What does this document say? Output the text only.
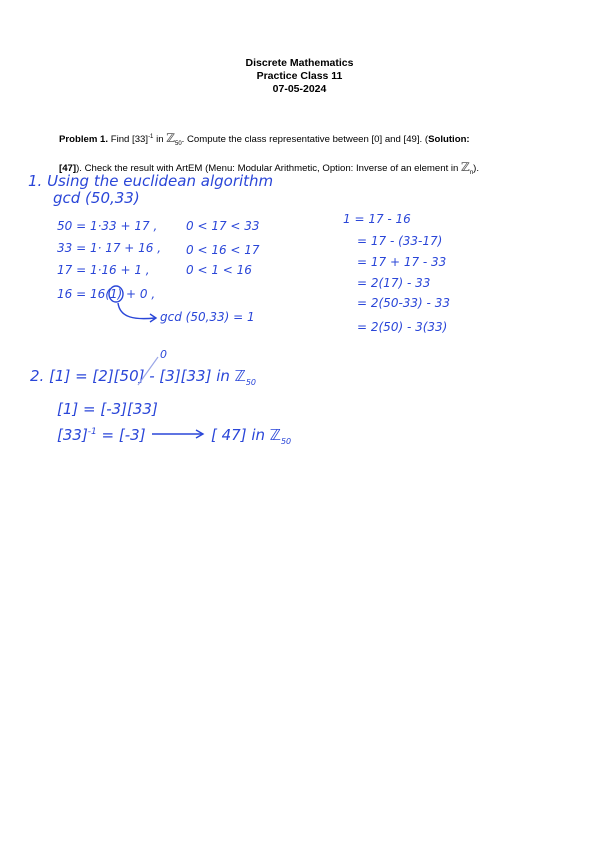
Discrete Mathematics
Practice Class 11
07-05-2024
Problem 1. Find $[33]^{-1}$ in ℤ$_{50}$. Compute the class representative between [0] and [49]. (Solution:
[47]). Check the result with ArtEM (Menu: Modular Arithmetic, Option: Inverse of an element in ℤ$_n$).
1. Using the euclidean algorithm
gcd (50,33)
50 = 1·33 + 17 ,
33 = 1· 17 + 16 ,
17 = 1·16 + 1 ,
16 = 16(1) + 0 ,
0 < 17 < 33
0 < 16 < 17
0 < 1 < 16
gcd (50,33) = 1
1 = 17 - 16
= 17 - (33-17)
= 17 + 17 - 33
= 2(17) - 33
= 2(50-33) - 33
= 2(50) - 3(33)
2. [1] = [2][50] - [3][33] in ℤ$_{50}$
0
[1] = [-3][33]
$[33]^{-1} = [-3]$	[ 47] in ℤ$_{50}$
